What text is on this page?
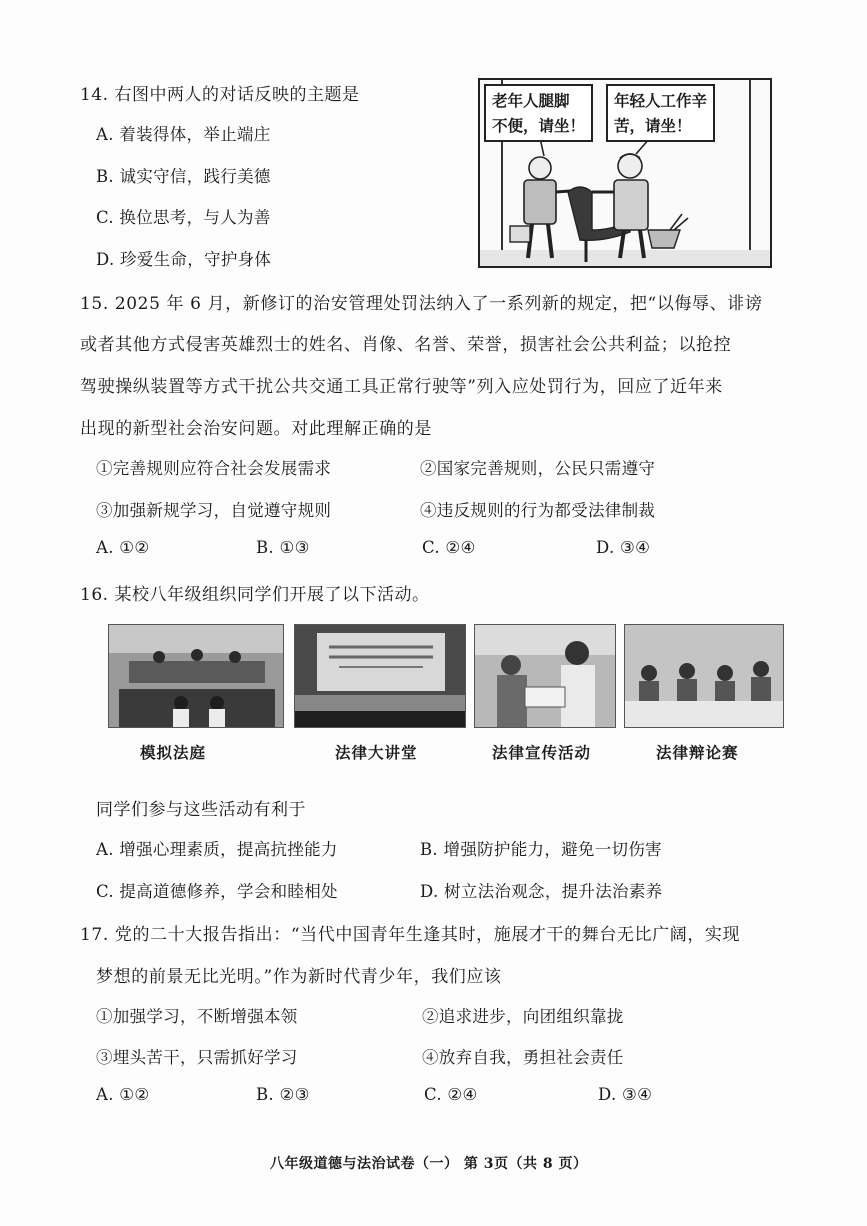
14. 右图中两人的对话反映的主题是
A. 着装得体，举止端庄
B. 诚实守信，践行美德
C. 换位思考，与人为善
D. 珍爱生命，守护身体
老年人腿脚
不便，请坐！
年轻人工作辛
苦，请坐！
15. 2025 年 6 月，新修订的治安管理处罚法纳入了一系列新的规定，把“以侮辱、诽谤
或者其他方式侵害英雄烈士的姓名、肖像、名誉、荣誉，损害社会公共利益；以抢控
驾驶操纵装置等方式干扰公共交通工具正常行驶等”列入应处罚行为，回应了近年来
出现的新型社会治安问题。对此理解正确的是
①完善规则应符合社会发展需求	②国家完善规则，公民只需遵守
③加强新规学习，自觉遵守规则	④违反规则的行为都受法律制裁
A. ①②	B. ①③	C. ②④	D. ③④
16. 某校八年级组织同学们开展了以下活动。
模拟法庭	法律大讲堂	法律宣传活动	法律辩论赛
同学们参与这些活动有利于
A. 增强心理素质，提高抗挫能力	B. 增强防护能力，避免一切伤害
C. 提高道德修养，学会和睦相处	D. 树立法治观念，提升法治素养
17. 党的二十大报告指出：“当代中国青年生逢其时，施展才干的舞台无比广阔，实现
梦想的前景无比光明。”作为新时代青少年，我们应该
①加强学习，不断增强本领	②追求进步，向团组织靠拢
③埋头苦干，只需抓好学习	④放弃自我，勇担社会责任
A. ①②	B. ②③	C. ②④	D. ③④
八年级道德与法治试卷（一） 第 3页（共 8 页）
